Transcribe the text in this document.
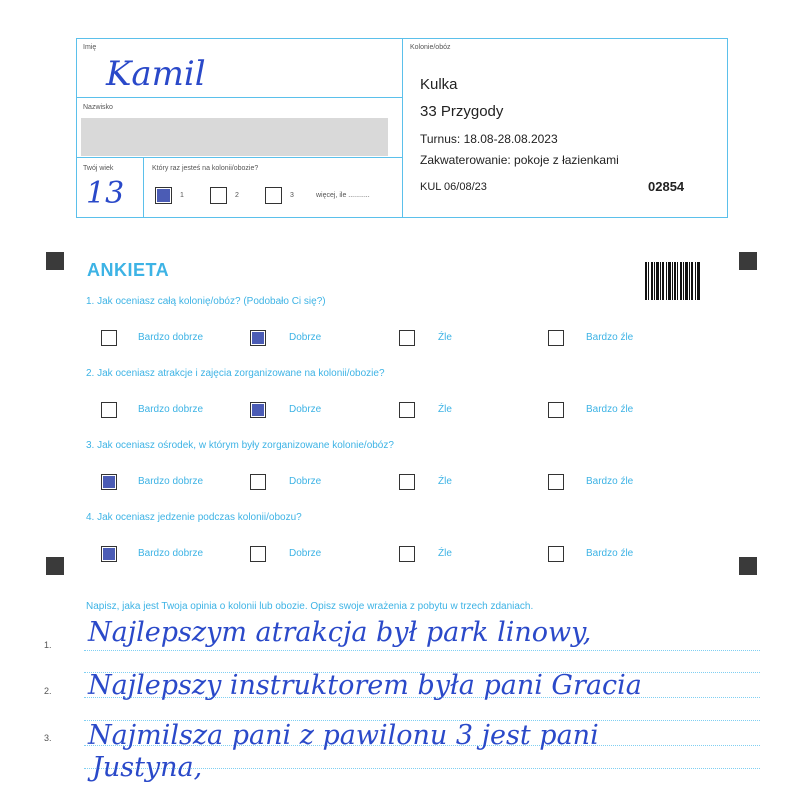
Imię
Kamil
Nazwisko
Twój wiek
13
Który raz jesteś na kolonii/obozie?
1	2	3	więcej, ile ...........
Kolonie/obóz
Kulka
33 Przygody
Turnus: 18.08-28.08.2023
Zakwaterowanie: pokoje z łazienkami
KUL 06/08/23	02854
ANKIETA
1. Jak oceniasz całą kolonię/obóz? (Podobało Ci się?)
Bardzo dobrze	Dobrze	Źle	Bardzo źle
2. Jak oceniasz atrakcje i zajęcia zorganizowane na kolonii/obozie?
Bardzo dobrze	Dobrze	Źle	Bardzo źle
3. Jak oceniasz ośrodek, w którym były zorganizowane kolonie/obóz?
Bardzo dobrze	Dobrze	Źle	Bardzo źle
4. Jak oceniasz jedzenie podczas kolonii/obozu?
Bardzo dobrze	Dobrze	Źle	Bardzo źle
Napisz, jaka jest Twoja opinia o kolonii lub obozie. Opisz swoje wrażenia z pobytu w trzech zdaniach.
1.
2.
3.
Najlepszym atrakcja był park linowy,
Najlepszy instruktorem była pani Gracia
Najmilsza pani z pawilonu 3 jest pani
Justyna,
